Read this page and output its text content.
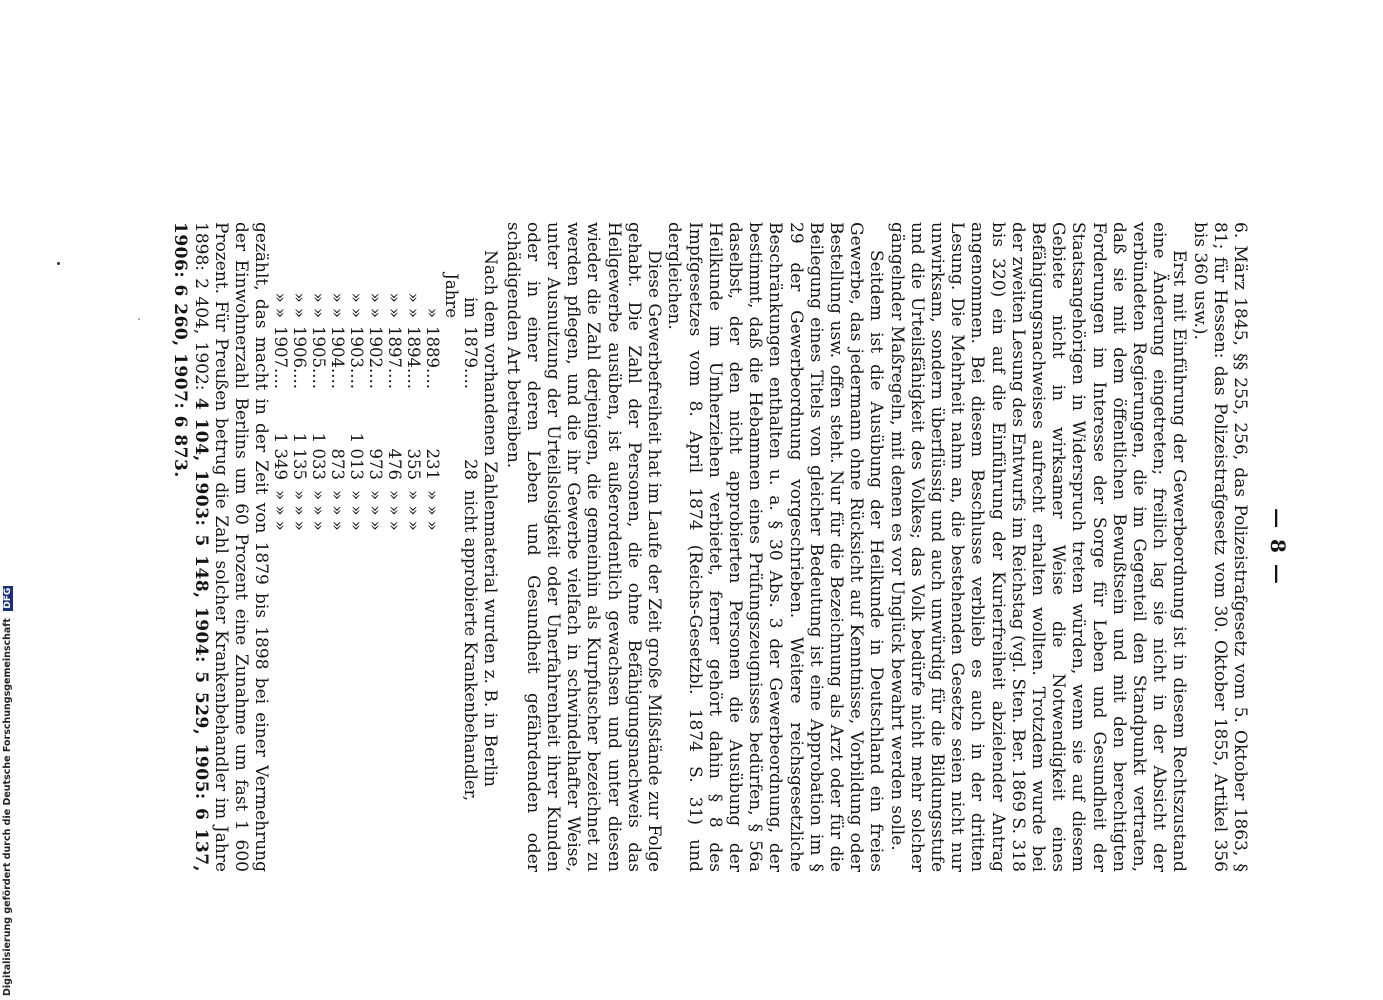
— 8 —

6. März 1845, §§ 255, 256, das Polizeistrafgesetz vom 5. Oktober 1863, § 81; für Hessen: das Polizeistrafgesetz vom 30. Oktober 1855, Artikel 356 bis 360 usw.).

Erst mit Einführung der Gewerbeordnung ist in diesem Rechtszustand eine Änderung eingetreten; freilich lag sie nicht in der Absicht der verbündeten Regierungen, die im Gegenteil den Standpunkt vertraten, daß sie mit dem öffentlichen Bewußtsein und mit den berechtigten Forderungen im Interesse der Sorge für Leben und Gesundheit der Staatsangehörigen in Widerspruch treten würden, wenn sie auf diesem Gebiete nicht in wirksamer Weise die Notwendigkeit eines Befähigungsnachweises aufrecht erhalten wollten. Trotzdem wurde bei der zweiten Lesung des Entwurfs im Reichstag (vgl. Sten. Ber. 1869 S. 318 bis 320) ein auf die Einführung der Kurierfreiheit abzielender Antrag angenommen. Bei diesem Beschlusse verblieb es auch in der dritten Lesung. Die Mehrheit nahm an, die bestehenden Gesetze seien nicht nur unwirksam, sondern überflüssig und auch unwürdig für die Bildungsstufe und die Urteilsfähigkeit des Volkes; das Volk bedürfe nicht mehr solcher gängelnder Maßregeln, mit denen es vor Unglück bewahrt werden solle.

Seitdem ist die Ausübung der Heilkunde in Deutschland ein freies Gewerbe, das jedermann ohne Rücksicht auf Kenntnisse, Vorbildung oder Bestellung usw. offen steht. Nur für die Bezeichnung als Arzt oder für die Beilegung eines Titels von gleicher Bedeutung ist eine Approbation im § 29 der Gewerbeordnung vorgeschrieben. Weitere reichsgesetzliche Beschränkungen enthalten u. a. § 30 Abs. 3 der Gewerbeordnung, der bestimmt, daß die Hebammen eines Prüfungszeugnisses bedürfen, § 56a daselbst, der den nicht approbierten Personen die Ausübung der Heilkunde im Umherziehen verbietet, ferner gehört dahin § 8 des Impfgesetzes vom 8. April 1874 (Reichs-Gesetzbl. 1874 S. 31) und dergleichen.

Diese Gewerbefreiheit hat im Laufe der Zeit große Mißstände zur Folge gehabt. Die Zahl der Personen, die ohne Befähigungsnachweis das Heilgewerbe ausüben, ist außerordentlich gewachsen und unter diesen wieder die Zahl derjenigen, die gemeinhin als Kurpfuscher bezeichnet zu werden pflegen, und die ihr Gewerbe vielfach in schwindelhafter Weise, unter Ausnutzung der Urteilslosigkeit oder Unerfahrenheit ihrer Kunden oder in einer deren Leben und Gesundheit gefährdenden oder schädigenden Art betreiben.

Nach dem vorhandenen Zahlenmaterial wurden z. B. in Berlin

im Jahre	1879....	28	nicht approbierte Krankenbehandler,
»	1889....	231	» » »
» »	1894....	355	» » »
» »	1897....	476	» » »
» »	1902....	973	» » »
» »	1903....	1 013	» » »
» »	1904....	873	» » »
» »	1905....	1 033	» » »
» »	1906....	1 135	» » »
» »	1907....	1 349	» » »

gezählt, das macht in der Zeit von 1879 bis 1898 bei einer Vermehrung der Einwohnerzahl Berlins um 60 Prozent eine Zunahme um fast 1 600 Prozent. Für Preußen betrug die Zahl solcher Krankenbehandler im Jahre 1898: 2 404, 1902: 4 104, 1903: 5 148, 1904: 5 529, 1905: 6 137, 1906: 6 260, 1907: 6 873.

Digitalisierung gefördert durch die Deutsche Forschungsgemeinschaft DFG
